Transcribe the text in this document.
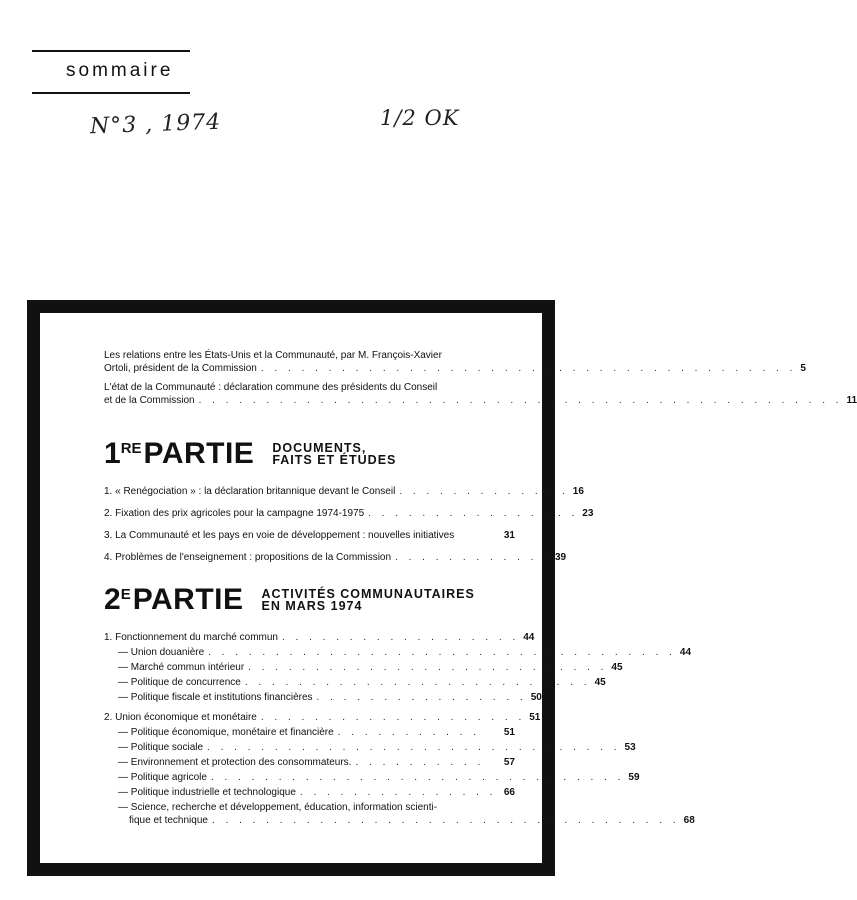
sommaire
N°3 , 1974	1/2 OK
Les relations entre les États-Unis et la Communauté, par M. François-Xavier
Ortoli, président de la Commission . . . . . . . . . . . . . . . . . . . . . . . . . . . . . . . . . . . . . . . . 5
L'état de la Communauté : déclaration commune des présidents du Conseil
et de la Commission . . . . . . . . . . . . . . . . . . . . . . . . . . . . . . . . . . . . . . . . . . . . . . . . 11
1 RE PARTIE DOCUMENTS,
FAITS ET ÉTUDES
1. « Renégociation » : la déclaration britannique devant le Conseil . . . . . . . . . . . . . 16
2. Fixation des prix agricoles pour la campagne 1974-1975 . . . . . . . . . . . . . . . . 23
3. La Communauté et les pays en voie de développement : nouvelles initiatives	31
4. Problèmes de l'enseignement : propositions de la Commission . . . . . . . . . . . . 39
2 E PARTIE ACTIVITÉS COMMUNAUTAIRES
EN MARS 1974
1. Fonctionnement du marché commun . . . . . . . . . . . . . . . . . . 44
— Union douanière . . . . . . . . . . . . . . . . . . . . . . . . . . . . . . . . . . . 44
— Marché commun intérieur . . . . . . . . . . . . . . . . . . . . . . . . . . . 45
— Politique de concurrence . . . . . . . . . . . . . . . . . . . . . . . . . . 45
— Politique fiscale et institutions financières . . . . . . . . . . . . . . . . 50
2. Union économique et monétaire . . . . . . . . . . . . . . . . . . . . 51
— Politique économique, monétaire et financière . . . . . . . . . . .	51
— Politique sociale . . . . . . . . . . . . . . . . . . . . . . . . . . . . . . . 53
— Environnement et protection des consommateurs. . . . . . . . . . .	57
— Politique agricole . . . . . . . . . . . . . . . . . . . . . . . . . . . . . . . 59
— Politique industrielle et technologique . . . . . . . . . . . . . . . 66
— Science, recherche et développement, éducation, information scienti-
fique et technique . . . . . . . . . . . . . . . . . . . . . . . . . . . . . . . . . . . 68
